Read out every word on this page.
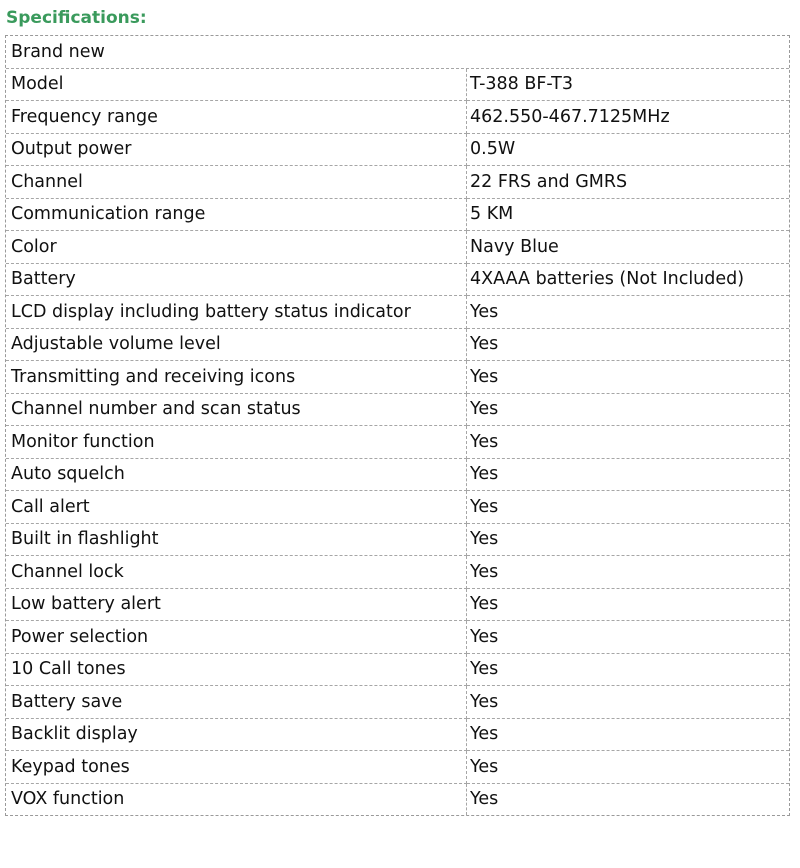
Specifications:
Brand new	
Model	T-388 BF-T3
Frequency range	462.550-467.7125MHz
Output power	0.5W
Channel	22 FRS and GMRS
Communication range	5 KM
Color	Navy Blue
Battery	4XAAA batteries (Not Included)
LCD display including battery status indicator	Yes
Adjustable volume level	Yes
Transmitting and receiving icons	Yes
Channel number and scan status	Yes
Monitor function	Yes
Auto squelch	Yes
Call alert	Yes
Built in flashlight	Yes
Channel lock	Yes
Low battery alert	Yes
Power selection	Yes
10 Call tones	Yes
Battery save	Yes
Backlit display	Yes
Keypad tones	Yes
VOX function	Yes
